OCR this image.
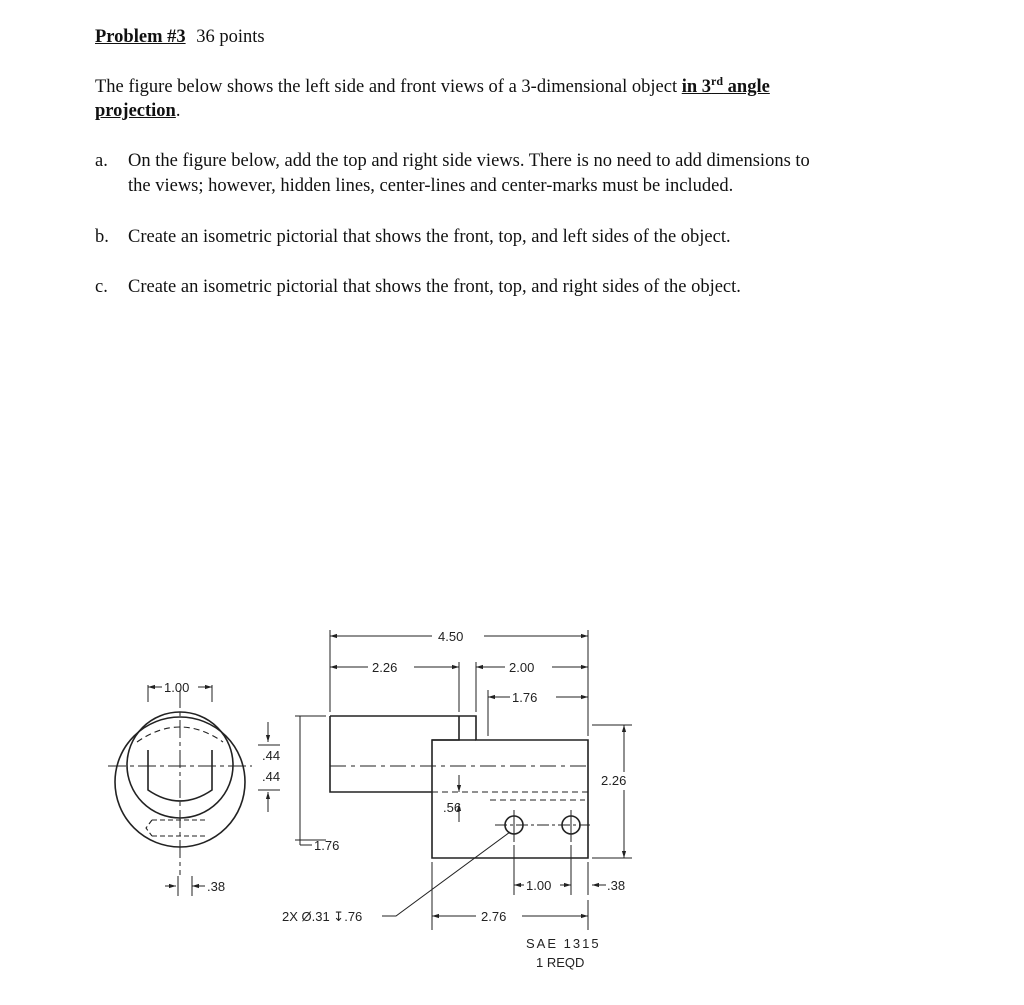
Problem #3 36 points
The figure below shows the left side and front views of a 3-dimensional object in 3rd angle
projection.
a. On the figure below, add the top and right side views. There is no need to add dimensions to
the views; however, hidden lines, center-lines and center-marks must be included.
b. Create an isometric pictorial that shows the front, top, and left sides of the object.
c. Create an isometric pictorial that shows the front, top, and right sides of the object.
1.00
.38
.44
.44
4.50
2.26	2.00
1.76
2.26
.56
1.76
1.00	.38
2X Ø.31 ↧.76	2.76
SAE 1315
1 REQD
